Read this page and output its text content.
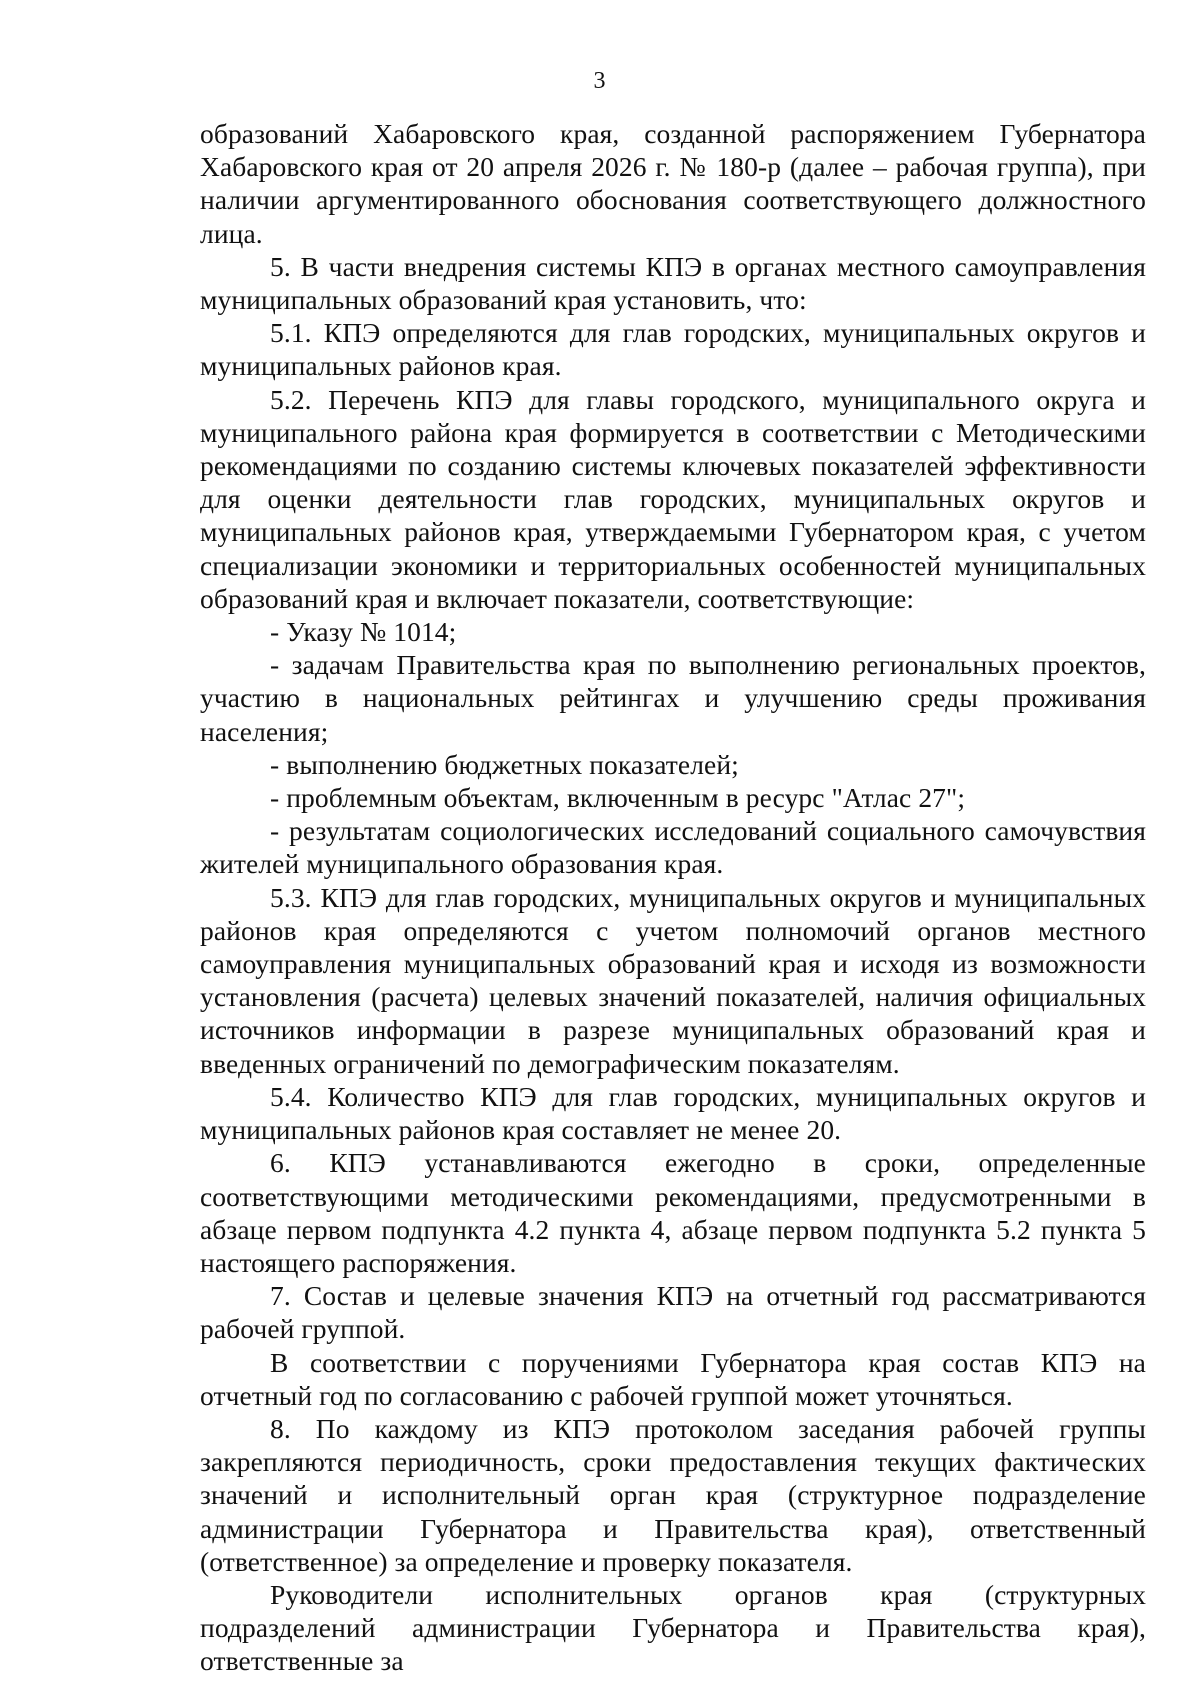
3

образований Хабаровского края, созданной распоряжением Губернатора Хабаровского края от 20 апреля 2026 г. № 180-р (далее – рабочая группа), при наличии аргументированного обоснования соответствующего должностного лица.

5. В части внедрения системы КПЭ в органах местного самоуправления муниципальных образований края установить, что:

5.1. КПЭ определяются для глав городских, муниципальных округов и муниципальных районов края.

5.2. Перечень КПЭ для главы городского, муниципального округа и муниципального района края формируется в соответствии с Методическими рекомендациями по созданию системы ключевых показателей эффективности для оценки деятельности глав городских, муниципальных округов и муниципальных районов края, утверждаемыми Губернатором края, с учетом специализации экономики и территориальных особенностей муниципальных образований края и включает показатели, соответствующие:

- Указу № 1014;

- задачам Правительства края по выполнению региональных проектов, участию в национальных рейтингах и улучшению среды проживания населения;

- выполнению бюджетных показателей;

- проблемным объектам, включенным в ресурс "Атлас 27";

- результатам социологических исследований социального самочувствия жителей муниципального образования края.

5.3. КПЭ для глав городских, муниципальных округов и муниципальных районов края определяются с учетом полномочий органов местного самоуправления муниципальных образований края и исходя из возможности установления (расчета) целевых значений показателей, наличия официальных источников информации в разрезе муниципальных образований края и введенных ограничений по демографическим показателям.

5.4. Количество КПЭ для глав городских, муниципальных округов и муниципальных районов края составляет не менее 20.

6. КПЭ устанавливаются ежегодно в сроки, определенные соответствующими методическими рекомендациями, предусмотренными в абзаце первом подпункта 4.2 пункта 4, абзаце первом подпункта 5.2 пункта 5 настоящего распоряжения.

7. Состав и целевые значения КПЭ на отчетный год рассматриваются рабочей группой.

В соответствии с поручениями Губернатора края состав КПЭ на отчетный год по согласованию с рабочей группой может уточняться.

8. По каждому из КПЭ протоколом заседания рабочей группы закрепляются периодичность, сроки предоставления текущих фактических значений и исполнительный орган края (структурное подразделение администрации Губернатора и Правительства края), ответственный (ответственное) за определение и проверку показателя.

Руководители исполнительных органов края (структурных подразделений администрации Губернатора и Правительства края), ответственные за
